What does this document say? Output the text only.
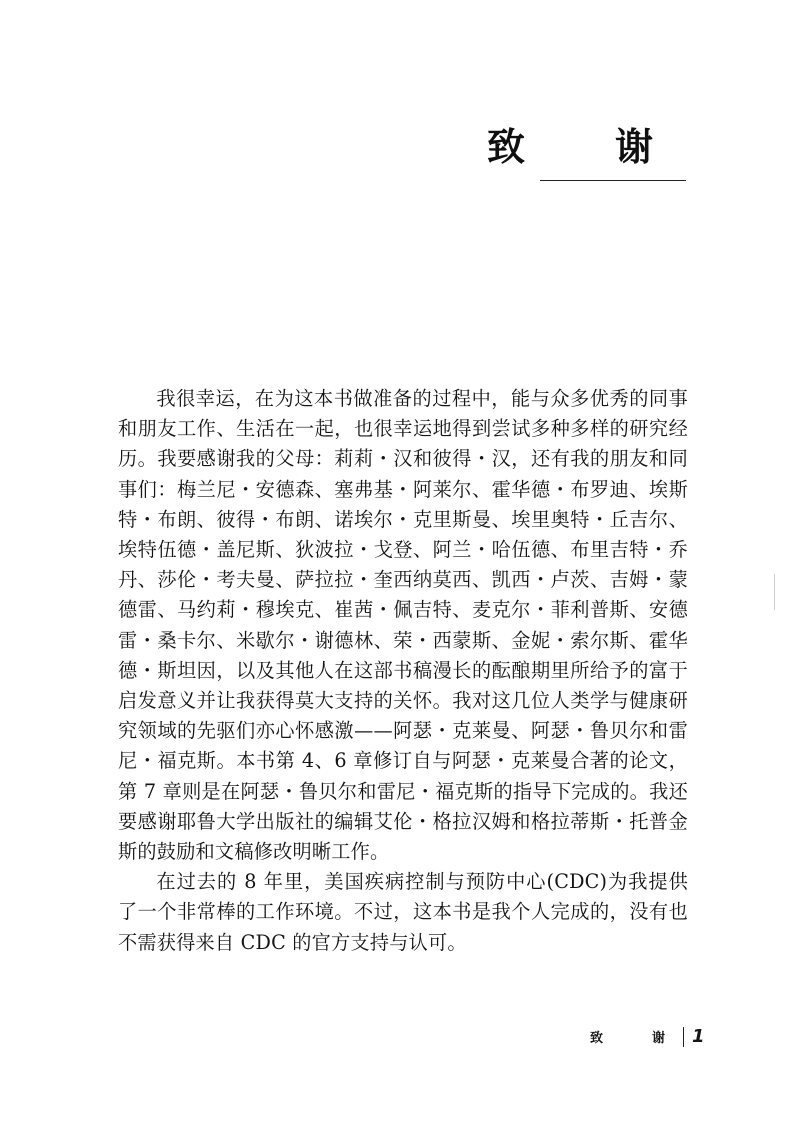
致　谢

我很幸运，在为这本书做准备的过程中，能与众多优秀的同事和朋友工作、生活在一起，也很幸运地得到尝试多种多样的研究经历。我要感谢我的父母：莉莉・汉和彼得・汉，还有我的朋友和同事们：梅兰尼・安德森、塞弗基・阿莱尔、霍华德・布罗迪、埃斯特・布朗、彼得・布朗、诺埃尔・克里斯曼、埃里奥特・丘吉尔、埃特伍德・盖尼斯、狄波拉・戈登、阿兰・哈伍德、布里吉特・乔丹、莎伦・考夫曼、萨拉拉・奎西纳莫西、凯西・卢茨、吉姆・蒙德雷、马约莉・穆埃克、崔茜・佩吉特、麦克尔・菲利普斯、安德雷・桑卡尔、米歇尔・谢德林、荣・西蒙斯、金妮・索尔斯、霍华德・斯坦因，以及其他人在这部书稿漫长的酝酿期里所给予的富于启发意义并让我获得莫大支持的关怀。我对这几位人类学与健康研究领域的先驱们亦心怀感激——阿瑟・克莱曼、阿瑟・鲁贝尔和雷尼・福克斯。本书第 4、6 章修订自与阿瑟・克莱曼合著的论文，第 7 章则是在阿瑟・鲁贝尔和雷尼・福克斯的指导下完成的。我还要感谢耶鲁大学出版社的编辑艾伦・格拉汉姆和格拉蒂斯・托普金斯的鼓励和文稿修改明晰工作。

在过去的 8 年里，美国疾病控制与预防中心(CDC)为我提供了一个非常棒的工作环境。不过，这本书是我个人完成的，没有也不需获得来自 CDC 的官方支持与认可。

致　谢 1
